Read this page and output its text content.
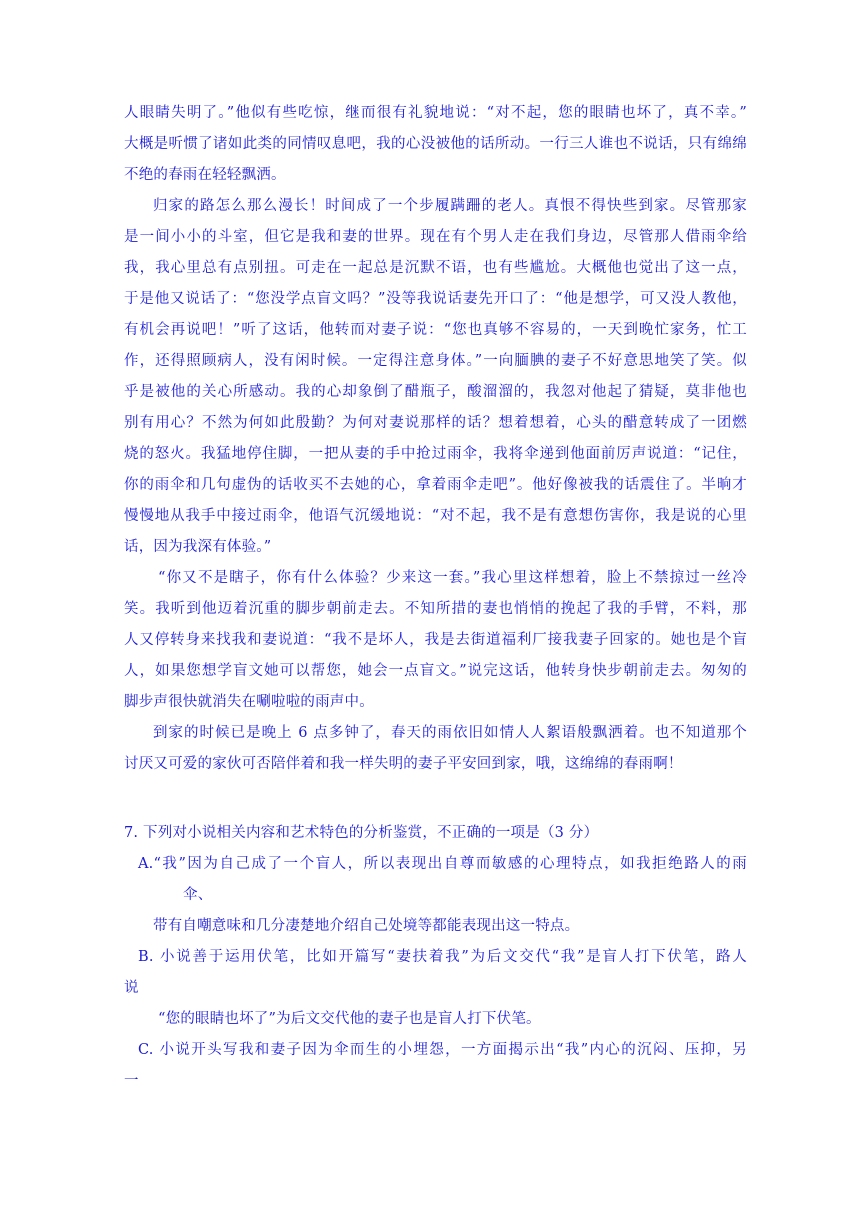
人眼睛失明了。”他似有些吃惊，继而很有礼貌地说：“对不起，您的眼睛也坏了，真不幸。”
大概是听惯了诸如此类的同情叹息吧，我的心没被他的话所动。一行三人谁也不说话，只有绵绵
不绝的春雨在轻轻飘洒。
归家的路怎么那么漫长！时间成了一个步履蹒跚的老人。真恨不得快些到家。尽管那家
是一间小小的斗室，但它是我和妻的世界。现在有个男人走在我们身边，尽管那人借雨伞给
我，我心里总有点别扭。可走在一起总是沉默不语，也有些尴尬。大概他也觉出了这一点，
于是他又说话了：“您没学点盲文吗？”没等我说话妻先开口了：“他是想学，可又没人教他，
有机会再说吧！”听了这话，他转而对妻子说：“您也真够不容易的，一天到晚忙家务，忙工
作，还得照顾病人，没有闲时候。一定得注意身体。”一向腼腆的妻子不好意思地笑了笑。似
乎是被他的关心所感动。我的心却象倒了醋瓶子，酸溜溜的，我忽对他起了猜疑，莫非他也
别有用心？不然为何如此殷勤？为何对妻说那样的话？想着想着，心头的醋意转成了一团燃
烧的怒火。我猛地停住脚，一把从妻的手中抢过雨伞，我将伞递到他面前厉声说道：“记住，
你的雨伞和几句虚伪的话收买不去她的心，拿着雨伞走吧”。他好像被我的话震住了。半晌才
慢慢地从我手中接过雨伞，他语气沉缓地说：“对不起，我不是有意想伤害你，我是说的心里
话，因为我深有体验。”
“你又不是瞎子，你有什么体验？少来这一套。”我心里这样想着，脸上不禁掠过一丝冷
笑。我听到他迈着沉重的脚步朝前走去。不知所措的妻也悄悄的挽起了我的手臂，不料，那
人又停转身来找我和妻说道：“我不是坏人，我是去街道福利厂接我妻子回家的。她也是个盲
人，如果您想学盲文她可以帮您，她会一点盲文。”说完这话，他转身快步朝前走去。匆匆的
脚步声很快就消失在唰啦啦的雨声中。
到家的时候已是晚上 6 点多钟了，春天的雨依旧如情人人絮语般飘洒着。也不知道那个
讨厌又可爱的家伙可否陪伴着和我一样失明的妻子平安回到家，哦，这绵绵的春雨啊！
7. 下列对小说相关内容和艺术特色的分析鉴赏，不正确的一项是（3 分）
A.“我”因为自己成了一个盲人，所以表现出自尊而敏感的心理特点，如我拒绝路人的雨
伞、
带有自嘲意味和几分凄楚地介绍自己处境等都能表现出这一特点。
B. 小说善于运用伏笔，比如开篇写“妻扶着我”为后文交代“我”是盲人打下伏笔，路人
说
“您的眼睛也坏了”为后文交代他的妻子也是盲人打下伏笔。
C. 小说开头写我和妻子因为伞而生的小埋怨，一方面揭示出“我”内心的沉闷、压抑，另
一
